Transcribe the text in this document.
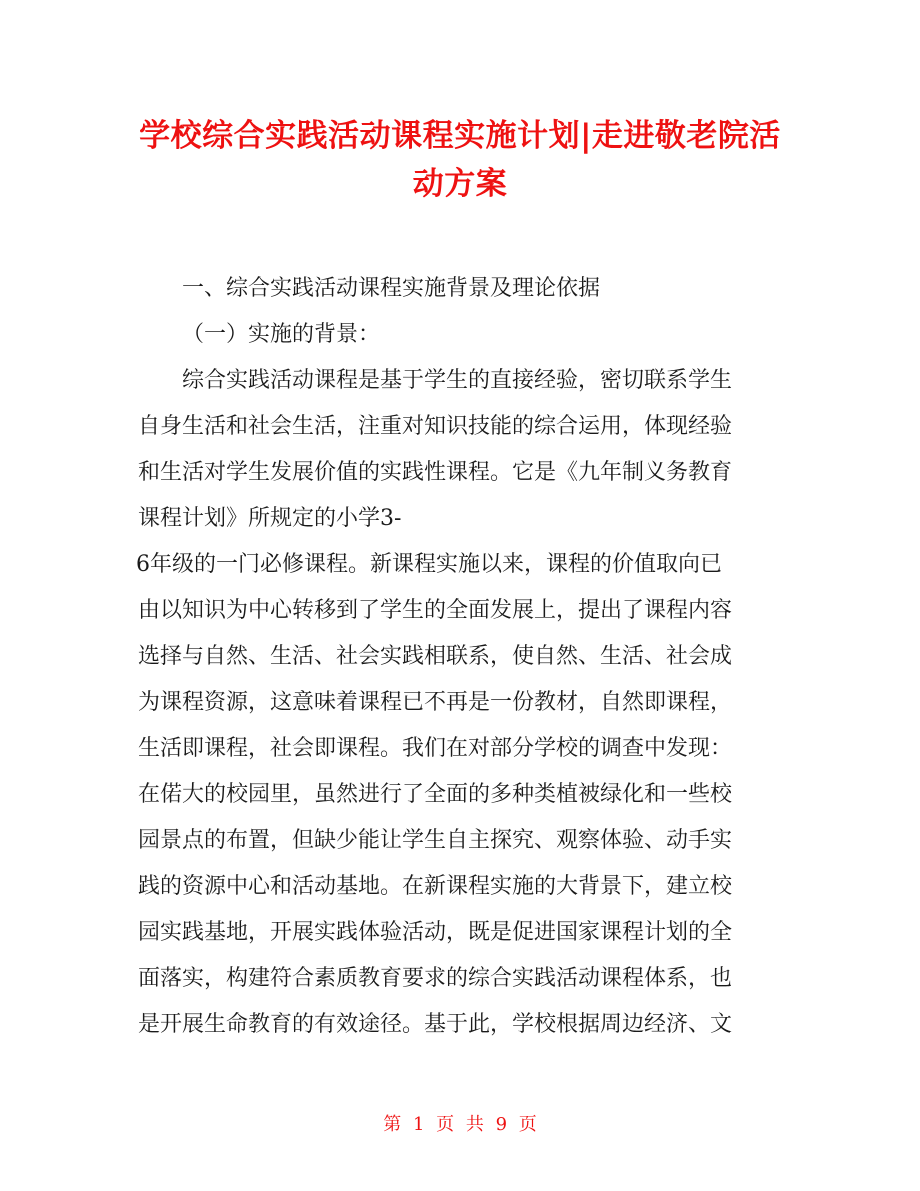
学校综合实践活动课程实施计划|走进敬老院活
动方案

一、综合实践活动课程实施背景及理论依据

（一）实施的背景：

综合实践活动课程是基于学生的直接经验，密切联系学生
自身生活和社会生活，注重对知识技能的综合运用，体现经验
和生活对学生发展价值的实践性课程。它是《九年制义务教育
课程计划》所规定的小学3-
6年级的一门必修课程。新课程实施以来，课程的价值取向已
由以知识为中心转移到了学生的全面发展上，提出了课程内容
选择与自然、生活、社会实践相联系，使自然、生活、社会成
为课程资源，这意味着课程已不再是一份教材，自然即课程，
生活即课程，社会即课程。我们在对部分学校的调查中发现：
在偌大的校园里，虽然进行了全面的多种类植被绿化和一些校
园景点的布置，但缺少能让学生自主探究、观察体验、动手实
践的资源中心和活动基地。在新课程实施的大背景下，建立校
园实践基地，开展实践体验活动，既是促进国家课程计划的全
面落实，构建符合素质教育要求的综合实践活动课程体系，也
是开展生命教育的有效途径。基于此，学校根据周边经济、文
第 1 页 共 9 页
